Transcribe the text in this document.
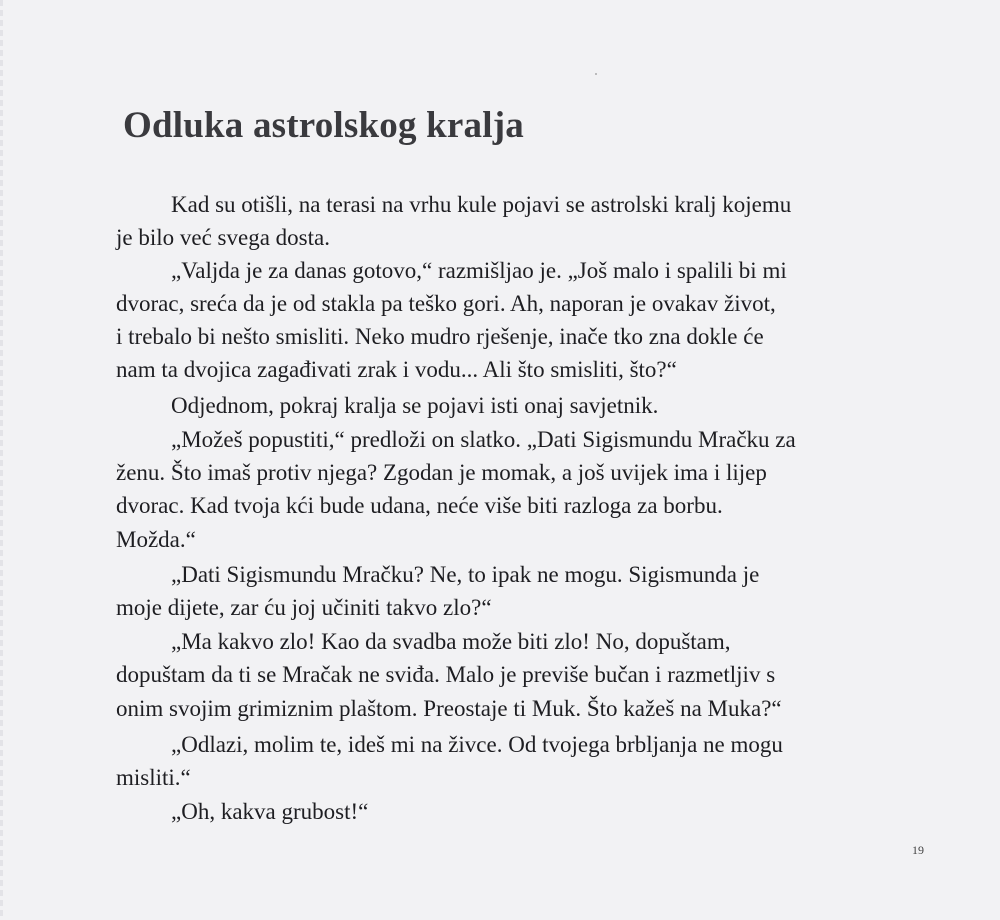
Odluka astrolskog kralja
Kad su otišli, na terasi na vrhu kule pojavi se astrolski kralj kojemu
je bilo već svega dosta.
„Valjda je za danas gotovo,“ razmišljao je. „Još malo i spalili bi mi
dvorac, sreća da je od stakla pa teško gori. Ah, naporan je ovakav život,
i trebalo bi nešto smisliti. Neko mudro rješenje, inače tko zna dokle će
nam ta dvojica zagađivati zrak i vodu... Ali što smisliti, što?“
Odjednom, pokraj kralja se pojavi isti onaj savjetnik.
„Možeš popustiti,“ predloži on slatko. „Dati Sigismundu Mračku za
ženu. Što imaš protiv njega? Zgodan je momak, a još uvijek ima i lijep
dvorac. Kad tvoja kći bude udana, neće više biti razloga za borbu.
Možda.“
„Dati Sigismundu Mračku? Ne, to ipak ne mogu. Sigismunda je
moje dijete, zar ću joj učiniti takvo zlo?“
„Ma kakvo zlo! Kao da svadba može biti zlo! No, dopuštam,
dopuštam da ti se Mračak ne sviđa. Malo je previše bučan i razmetljiv s
onim svojim grimiznim plaštom. Preostaje ti Muk. Što kažeš na Muka?“
„Odlazi, molim te, ideš mi na živce. Od tvojega brbljanja ne mogu
misliti.“
„Oh, kakva grubost!“
19
